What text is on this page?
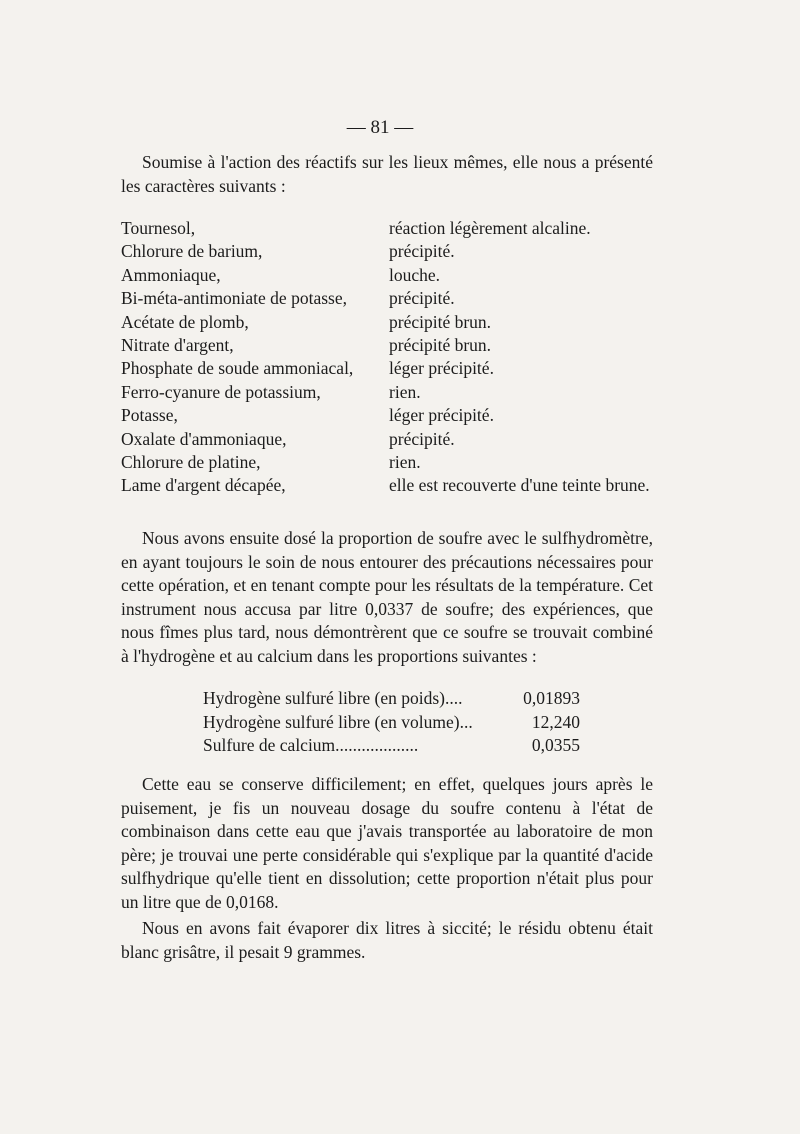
— 81 —
Soumise à l'action des réactifs sur les lieux mêmes, elle nous a présenté les caractères suivants :
Tournesol,	réaction légèrement alcaline.
Chlorure de barium,	précipité.
Ammoniaque,	louche.
Bi-méta-antimoniate de potasse, précipité.
Acétate de plomb,	précipité brun.
Nitrate d'argent,	précipité brun.
Phosphate de soude ammoniacal, léger précipité.
Ferro-cyanure de potassium,	rien.
Potasse,	léger précipité.
Oxalate d'ammoniaque,	précipité.
Chlorure de platine,	rien.
Lame d'argent décapée,	elle est recouverte d'une teinte brune.
Nous avons ensuite dosé la proportion de soufre avec le sulfhydromètre, en ayant toujours le soin de nous entourer des précautions nécessaires pour cette opération, et en tenant compte pour les résultats de la température. Cet instrument nous accusa par litre 0,0337 de soufre; des expériences, que nous fîmes plus tard, nous démontrèrent que ce soufre se trouvait combiné à l'hydrogène et au calcium dans les proportions suivantes :
Hydrogène sulfuré libre (en poids)....	0,01893
Hydrogène sulfuré libre (en volume)...	12,240
Sulfure de calcium...................	0,0355
Cette eau se conserve difficilement; en effet, quelques jours après le puisement, je fis un nouveau dosage du soufre contenu à l'état de combinaison dans cette eau que j'avais transportée au laboratoire de mon père; je trouvai une perte considérable qui s'explique par la quantité d'acide sulfhydrique qu'elle tient en dissolution; cette proportion n'était plus pour un litre que de 0,0168.
Nous en avons fait évaporer dix litres à siccité; le résidu obtenu était blanc grisâtre, il pesait 9 grammes.
